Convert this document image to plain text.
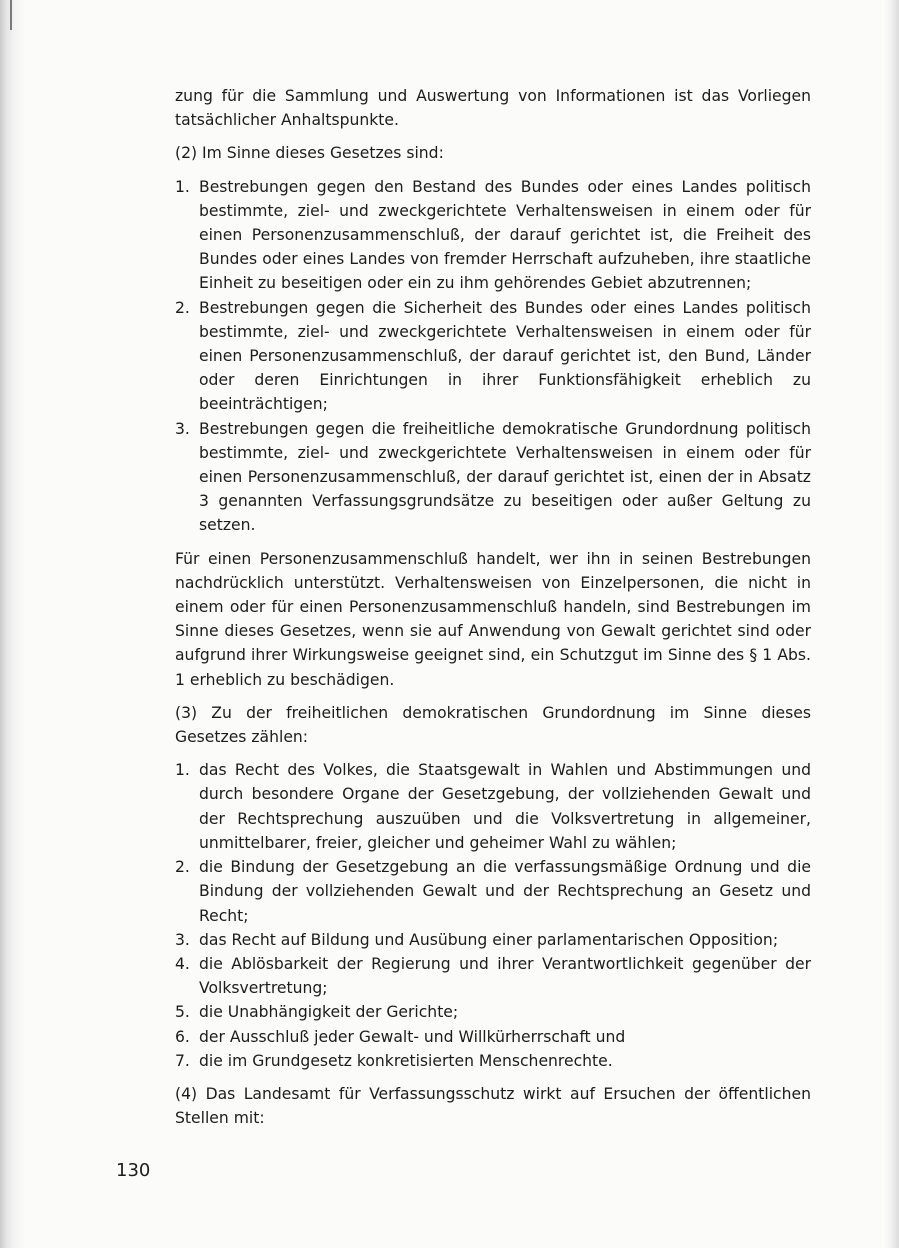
zung für die Sammlung und Auswertung von Informationen ist das Vorliegen tatsächlicher Anhaltspunkte.

(2) Im Sinne dieses Gesetzes sind:

1. Bestrebungen gegen den Bestand des Bundes oder eines Landes politisch bestimmte, ziel- und zweckgerichtete Verhaltensweisen in einem oder für einen Personenzusammenschluß, der darauf gerichtet ist, die Freiheit des Bundes oder eines Landes von fremder Herrschaft aufzuheben, ihre staatliche Einheit zu beseitigen oder ein zu ihm gehörendes Gebiet abzutrennen;
2. Bestrebungen gegen die Sicherheit des Bundes oder eines Landes politisch bestimmte, ziel- und zweckgerichtete Verhaltensweisen in einem oder für einen Personenzusammenschluß, der darauf gerichtet ist, den Bund, Länder oder deren Einrichtungen in ihrer Funktionsfähigkeit erheblich zu beeinträchtigen;
3. Bestrebungen gegen die freiheitliche demokratische Grundordnung politisch bestimmte, ziel- und zweckgerichtete Verhaltensweisen in einem oder für einen Personenzusammenschluß, der darauf gerichtet ist, einen der in Absatz 3 genannten Verfassungsgrundsätze zu beseitigen oder außer Geltung zu setzen.

Für einen Personenzusammenschluß handelt, wer ihn in seinen Bestrebungen nachdrücklich unterstützt. Verhaltensweisen von Einzelpersonen, die nicht in einem oder für einen Personenzusammenschluß handeln, sind Bestrebungen im Sinne dieses Gesetzes, wenn sie auf Anwendung von Gewalt gerichtet sind oder aufgrund ihrer Wirkungsweise geeignet sind, ein Schutzgut im Sinne des § 1 Abs. 1 erheblich zu beschädigen.

(3) Zu der freiheitlichen demokratischen Grundordnung im Sinne dieses Gesetzes zählen:

1. das Recht des Volkes, die Staatsgewalt in Wahlen und Abstimmungen und durch besondere Organe der Gesetzgebung, der vollziehenden Gewalt und der Rechtsprechung auszuüben und die Volksvertretung in allgemeiner, unmittelbarer, freier, gleicher und geheimer Wahl zu wählen;
2. die Bindung der Gesetzgebung an die verfassungsmäßige Ordnung und die Bindung der vollziehenden Gewalt und der Rechtsprechung an Gesetz und Recht;
3. das Recht auf Bildung und Ausübung einer parlamentarischen Opposition;
4. die Ablösbarkeit der Regierung und ihrer Verantwortlichkeit gegenüber der Volksvertretung;
5. die Unabhängigkeit der Gerichte;
6. der Ausschluß jeder Gewalt- und Willkürherrschaft und
7. die im Grundgesetz konkretisierten Menschenrechte.

(4) Das Landesamt für Verfassungsschutz wirkt auf Ersuchen der öffentlichen Stellen mit:

130
